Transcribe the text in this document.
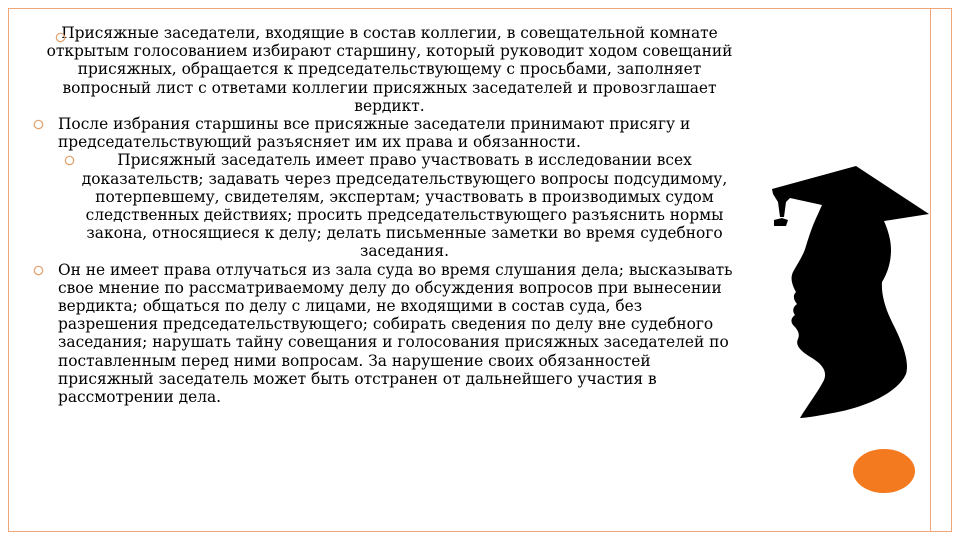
Присяжные заседатели, входящие в состав коллегии, в совещательной комнате открытым голосованием избирают старшину, который руководит ходом совещаний присяжных, обращается к председательствующему с просьбами, заполняет вопросный лист с ответами коллегии присяжных заседателей и провозглашает вердикт.
После избрания старшины все присяжные заседатели принимают присягу и председательствующий разъясняет им их права и обязанности.
Присяжный заседатель имеет право участвовать в исследовании всех доказательств; задавать через председательствующего вопросы подсудимому, потерпевшему, свидетелям, экспертам; участвовать в производимых судом следственных действиях; просить председательствующего разъяснить нормы закона, относящиеся к делу; делать письменные заметки во время судебного заседания.
Он не имеет права отлучаться из зала суда во время слушания дела; высказывать свое мнение по рассматриваемому делу до обсуждения вопросов при вынесении вердикта; общаться по делу с лицами, не входящими в состав суда, без разрешения председательствующего; собирать сведения по делу вне судебного заседания; нарушать тайну совещания и голосования присяжных заседателей по поставленным перед ними вопросам. За нарушение своих обязанностей присяжный заседатель может быть отстранен от дальнейшего участия в рассмотрении дела.
